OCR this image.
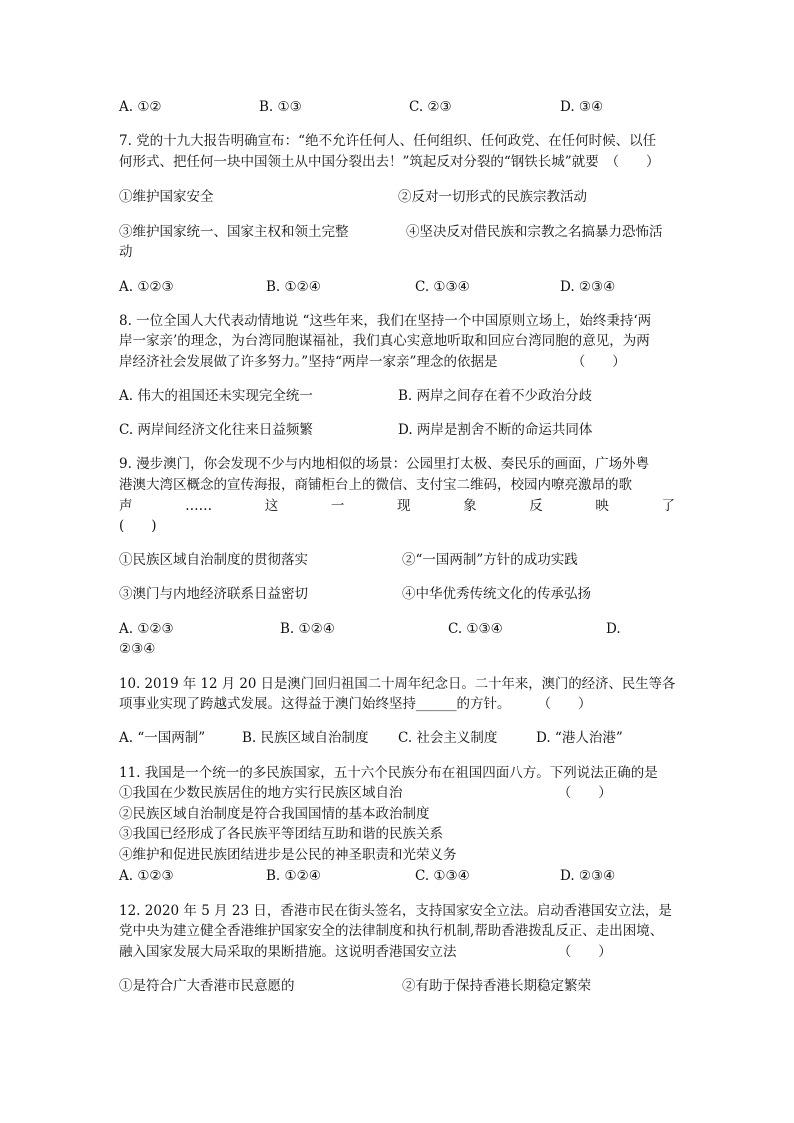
A. ①②	B. ①③	C. ②③	D. ③④
7. 党的十九大报告明确宣布：“绝不允许任何人、任何组织、任何政党、在任何时候、以任
何形式、把任何一块中国领土从中国分裂出去！”筑起反对分裂的“钢铁长城”就要　（　　）
①维护国家安全	②反对一切形式的民族宗教活动
③维护国家统一、国家主权和领土完整	④坚决反对借民族和宗教之名搞暴力恐怖活
动
A. ①②③	B. ①②④	C. ①③④	D. ②③④
8. 一位全国人大代表动情地说 “这些年来，我们在坚持一个中国原则立场上，始终秉持‘两
岸一家亲’的理念，为台湾同胞谋福祉，我们真心实意地听取和回应台湾同胞的意见，为两
岸经济社会发展做了许多努力。”坚持“两岸一家亲”理念的依据是　　　　　　（　　）
A. 伟大的祖国还未实现完全统一	B. 两岸之间存在着不少政治分歧
C. 两岸间经济文化往来日益频繁	D. 两岸是割舍不断的命运共同体
9. 漫步澳门，你会发现不少与内地相似的场景：公园里打太极、奏民乐的画面，广场外粤
港澳大湾区概念的宣传海报，商铺柜台上的微信、支付宝二维码，校园内嘹亮激昂的歌
声	……	这	一	现	象	反	映	了
(　　)
①民族区域自治制度的贯彻落实	②“一国两制”方针的成功实践
③澳门与内地经济联系日益密切	④中华优秀传统文化的传承弘扬
A. ①②③	B. ①②④	C. ①③④	D.
②③④
10. 2019 年 12 月 20 日是澳门回归祖国二十周年纪念日。二十年来，澳门的经济、民生等各
项事业实现了跨越式发展。这得益于澳门始终坚持______的方针。　　　（　　）
A. “一国两制”	B. 民族区域自治制度 C. 社会主义制度	D. “港人治港”
11. 我国是一个统一的多民族国家，五十六个民族分布在祖国四面八方。下列说法正确的是
①我国在少数民族居住的地方实行民族区域自治　　　　　　　　　　　　（　　）
②民族区域自治制度是符合我国国情的基本政治制度
③我国已经形成了各民族平等团结互助和谐的民族关系
④维护和促进民族团结进步是公民的神圣职责和光荣义务
A. ①②③	B. ①②④	C. ①③④	D. ②③④
12. 2020 年 5 月 23 日，香港市民在街头签名，支持国家安全立法。启动香港国安立法，是
党中央为建立健全香港维护国家安全的法律制度和执行机制,帮助香港拨乱反正、走出困境、
融入国家发展大局采取的果断措施。这说明香港国安立法　　　　　　　　（　　）
①是符合广大香港市民意愿的	②有助于保持香港长期稳定繁荣
